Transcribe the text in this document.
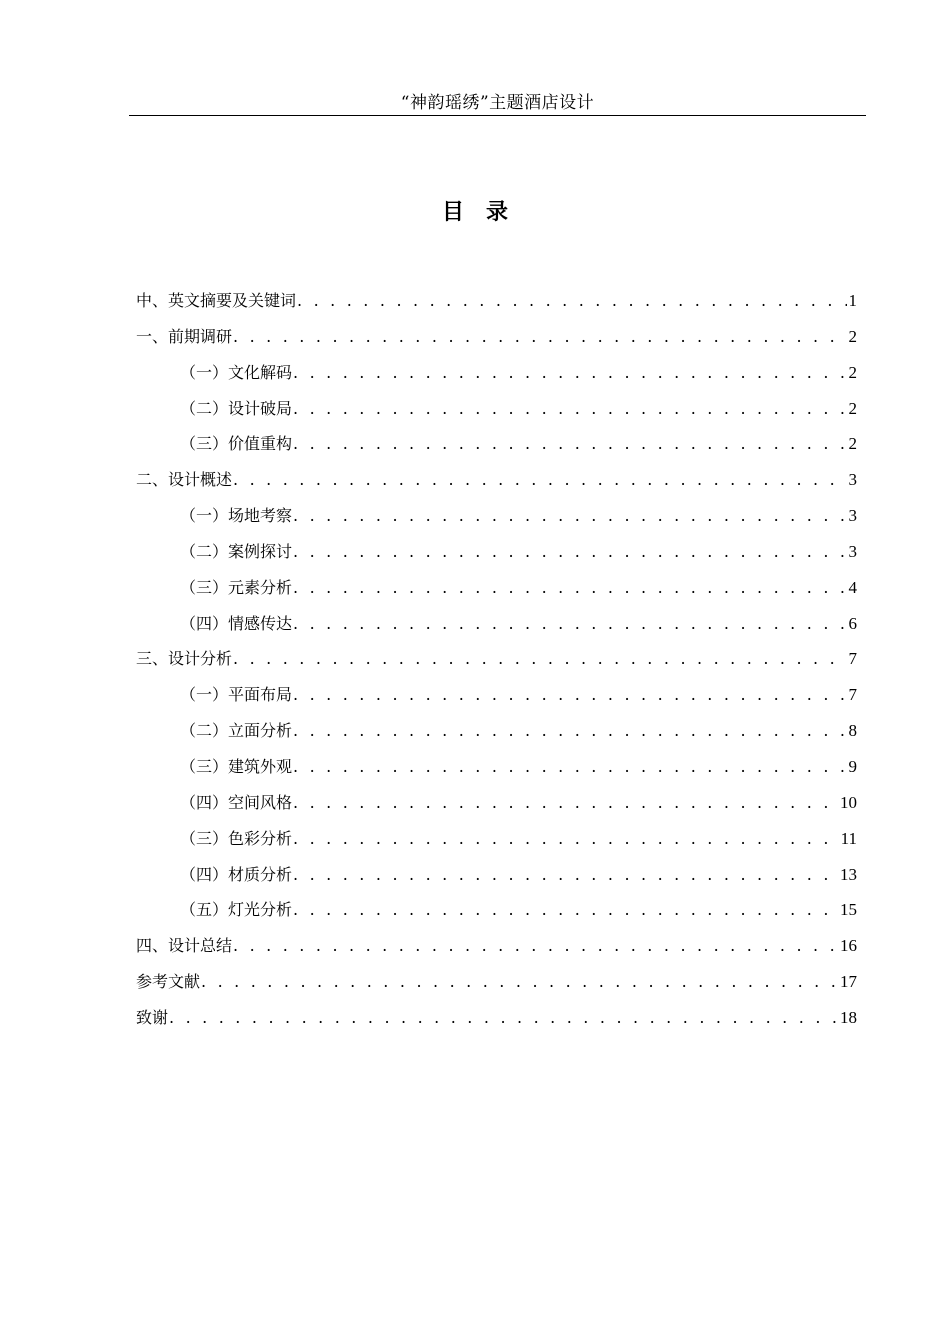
“神韵瑶绣”主题酒店设计
目录
中、英文摘要及关键词 . . .	1
一、前期调研 . . .	2
（一）文化解码 . . .	2
（二）设计破局 . . .	2
（三）价值重构 . . .	2
二、设计概述 . . .	3
（一）场地考察 . . .	3
（二）案例探讨 . . .	3
（三）元素分析 . . .	4
（四）情感传达 . . .	6
三、设计分析 . . .	7
（一）平面布局 . . .	7
（二）立面分析 . . .	8
（三）建筑外观 . . .	9
（四）空间风格 . . .	10
（三）色彩分析 . . .	11
（四）材质分析 . . .	13
（五）灯光分析 . . .	15
四、设计总结 . . .	16
参考文献 . . .	17
致谢 . . .	18
